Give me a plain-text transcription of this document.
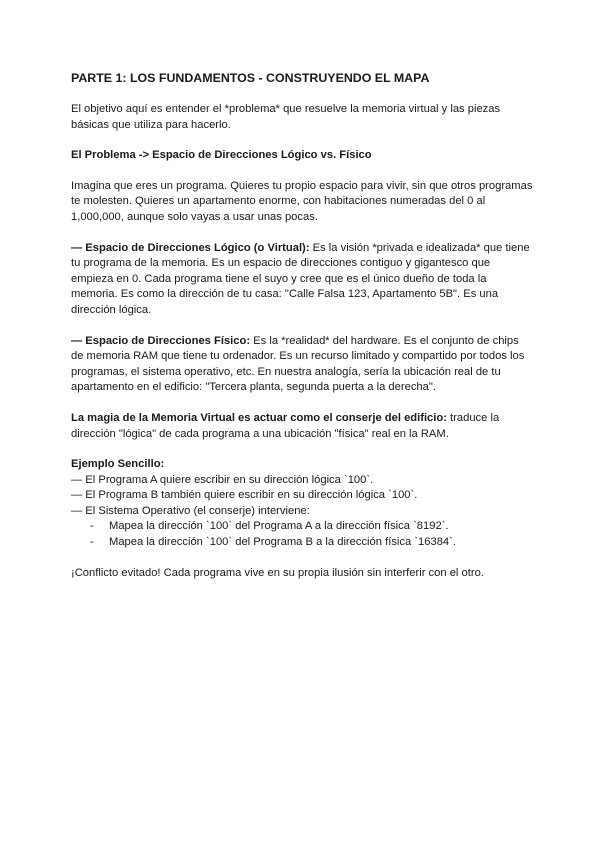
PARTE 1: LOS FUNDAMENTOS - CONSTRUYENDO EL MAPA

El objetivo aquí es entender el *problema* que resuelve la memoria virtual y las piezas básicas que utiliza para hacerlo.

El Problema -> Espacio de Direcciones Lógico vs. Físico

Imagina que eres un programa. Quieres tu propio espacio para vivir, sin que otros programas te molesten. Quieres un apartamento enorme, con habitaciones numeradas del 0 al 1,000,000, aunque solo vayas a usar unas pocas.

— Espacio de Direcciones Lógico (o Virtual): Es la visión *privada e idealizada* que tiene tu programa de la memoria. Es un espacio de direcciones contiguo y gigantesco que empieza en 0. Cada programa tiene el suyo y cree que es el único dueño de toda la memoria. Es como la dirección de tu casa: "Calle Falsa 123, Apartamento 5B". Es una dirección lógica.

— Espacio de Direcciones Físico: Es la *realidad* del hardware. Es el conjunto de chips de memoria RAM que tiene tu ordenador. Es un recurso limitado y compartido por todos los programas, el sistema operativo, etc. En nuestra analogía, sería la ubicación real de tu apartamento en el edificio: "Tercera planta, segunda puerta a la derecha".

La magia de la Memoria Virtual es actuar como el conserje del edificio: traduce la dirección "lógica" de cada programa a una ubicación "física" real en la RAM.

Ejemplo Sencillo:

— El Programa A quiere escribir en su dirección lógica `100`.

— El Programa B también quiere escribir en su dirección lógica `100`.

— El Sistema Operativo (el conserje) interviene:

- Mapea la dirección `100` del Programa A a la dirección física `8192`.
- Mapea la dirección `100` del Programa B a la dirección física `16384`.

¡Conflicto evitado! Cada programa vive en su propia ilusión sin interferir con el otro.
